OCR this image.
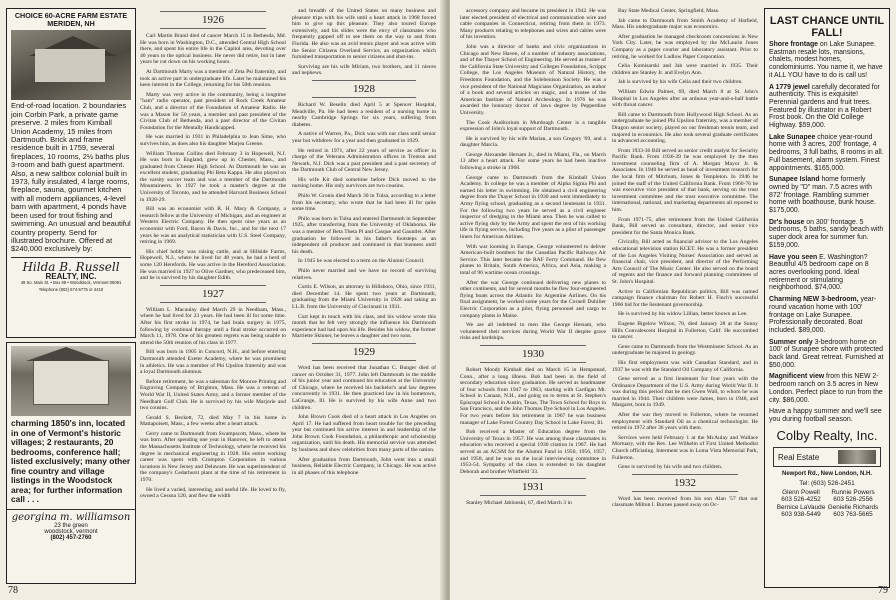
CHOICE 60-ACRE FARM ESTATE MERIDEN, NH
End-of-road location. 2 boundaries join Corbin Park, a private game preserve. 2 miles from Kimball Union Academy, 15 miles from Dartmouth. Brick and frame residence built in 1759, several fireplaces, 10 rooms, 2½ baths plus 3-room and bath guest apartment. Also, a new saltbox colonial built in 1973, fully insulated, 4 large rooms, fireplace, sauna, gourmet kitchen with all modern appliances, 4-level barn with apartment, 4 ponds have been used for trout fishing and swimming. An unusual and beautiful country property. Send for illustrated brochure. Offered at $240,000 exclusively by:
Hilda B. Russell
REALTY, INC.
49 So. Main St. • Box 68 • Woodstock, Vermont 05091
Telephone (802) 674-5775 or 4410
charming 1850's inn, located in one of Vermont's historic villages; 2 restaurants, 20 bedrooms, conference hall; listed exclusively; many other fine country and village listings in the Woodstock area; for further information call . . .
georgina m. williamson
23 the green
woodstock, vermont
(802) 457-2760
1926

Carl Martin Brand died of cancer March 15 in Bethesda, Md. He was born in Washington, D.C., attended Central High School there, and spent his entire life in the Capitol area, devoting over 40 years to the optical business. He never did retire, but in later years he cut down on his working hours.

At Dartmouth Marty was a member of Zeta Psi fraternity, and took an active part in undergraduate life. Later he maintained his keen interest in the College, returning for his 50th reunion.

Marty was very active in the community, being a longtime "ham" radio operator, past president of Rock Creek Amateur Club, and a director of the Foundation of Amateur Radio. He was a Mason for 50 years, a member and past president of the Civitan Club of Bethesda, and a past director of the Civitan Foundation for the Mentally Handicapped.

He was married in 1931 in Philadelphia to Jean Sime, who survives him, as does also his daughter Marjea Greene.

William Thomas Collins died February 3 in Hopewell, N.J. He was born in England, grew up in Chester, Mass., and graduated from Chester High School. At Dartmouth he was an excellent student, graduating Phi Beta Kappa. He also played on the varsity soccer team and was a member of the Dartmouth Mountaineers. In 1927 he took a master's degree at the University of Toronto, and he attended Harvard Business School in 1928-29.

Bill was an economist with R. H. Macy & Company, a research fellow at the University of Michigan, and an engineer at Western Electric Company. He then spent nine years as an economist with Ford, Bacon & Davis, Inc., and for the next 17 years he was an analytical statistician with U.S. Steel Company, retiring in 1969.

His chief hobby was raising cattle, and at Hillside Farms, Hopewell, N.J., where he lived for 48 years, he had a herd of some 120 Herefords. He was active in the Hereford Association. He was married in 1927 to Olive Gardner, who predeceased him, and he is survived by his daughter Edith.

1927

William L. Macaulay died March 29 in Needham, Mass., where he had lived for 23 years. He had been ill for some time. After his first stroke in 1974, he had brain surgery in 1975, following by continual therapy until a final stroke occurred on March 11, 1978. One of his greatest regrets was being unable to attend the 50th reunion of his class in 1977.

Bill was born in 1905 in Concord, N.H., and before entering Dartmouth attended Exeter Academy, where he was prominent in athletics. He was a member of Phi Upsilon fraternity and was a loyal Dartmouth alumnus.

Before retirement, he was a salesman for Monroe Printing and Engraving Company of Brighton, Mass. He was a veteran of World War II, United States Army, and a former member of the Needham Golf Club. He is survived by his wife Marjorie and two cousins.

Gerald S. Beckett, 72, died May 7 in his home in Mattapoisett, Mass., a few weeks after a heart attack.

Gerry came to Dartmouth from Swampscott, Mass., where he was born. After spending one year in Hanover, he left to attend the Massachusetts Institute of Technology, where he received his degree in mechanical engineering in 1928. His entire working career was spent with Crompton Corporation in various locations in New Jersey and Delaware. He was superintendent of the company's Cedarhurst plant at the time of his retirement in 1970.

He lived a varied, interesting, and useful life. He loved to fly, owned a Cessna 120, and flew the width

and breadth of the United States on many business and pleasure trips with his wife until a heart attack in 1968 forced him to give up this pleasure. They also toured Europe extensively, and his slides were the envy of classmates who frequently gapped off to see them on the way to and from Florida. He also was an avid tennis player and was active with the Senior Citizens Overland Service, an organization which furnished transportation to senior citizens and shut-ins.

Surviving are his wife Miriam, two brothers, and 11 nieces and nephews.

1928

Richard W. Beselin died April 5 at Spencer Hospital, Meadville, Pa. He had been a resident of a nursing home in nearby Cambridge Springs for six years, suffering from diabetes.

A native of Warren, Pa., Dick was with our class until senior year but withdrew for a year and then graduated in 1929.

He retired in 1971, after 22 years of service as officer in charge of the Veterans Administration offices in Trenton and Newark, N.J. Dick was a past president and a past secretary of the Dartmouth Club of Central New Jersey.

His wife Kit died sometime before Dick moved to the nursing home. His only survivors are two cousins.

Philo W. Gronis died March 30 in Tulsa, according to a letter from his secretary, who wrote that he had been ill for quite some time.

Philo was born in Tulsa and entered Dartmouth in September 1925, after transferring from the University of Oklahoma. He was a member of Beta Theta Pi and Casque and Gauntlet. After graduation he followed in his father's footsteps as an independent oil producer and continued in that business until his death.

In 1945 he was elected to a term on the Alumni Council.

Philo never married and we have no record of surviving relatives.

Curtis E. Wilson, an attorney in Hillsboro, Ohio, since 1931, died December 14. He spent two years at Dartmouth, graduating from the Miami University in 1928 and taking an LL.B. from the University of Cincinnati in 1931.

Curt kept in touch with his class, and his widow wrote this month that he felt very strongly the influence his Dartmouth experience had had upon his life. Besides his widow, the former Marriette Skinner, he leaves a daughter and two sons.

1929

Word has been received that Jonathan C. Bunger died of cancer on October 31, 1977. John left Dartmouth in the middle of his junior year and continued his education at the University of Chicago, where he received his bachelor's and law degrees concurrently in 1931. He then practiced law in his hometown, LaGrange, Ill. He is survived by his wife Anne and two children.

John Brown Cook died of a heart attack in Los Angeles on April 17. He had suffered from heart trouble for the preceding year but continued his active interest in and leadership of the John Brown Cook Foundation, a philanthropic and scholarship organization, until his death. His memorial service was attended by business and show celebrities from many parts of the nation.

After graduation from Dartmouth, John went into a small business, Reliable Electric Company, in Chicago. He was active in all phases of this telephone

78

accessory company and became its president in 1942. He was later elected president of electrical and communication wire and cable companies in Connecticut, retiring from them in 1973. Many products relating to telephones and wires and cables were of his invention.

John was a director of banks and civic organizations in Chicago and New Haven, of a number of industry associations, and of the Thayer School of Engineering. He served as trustee of the California State University and Colleges Foundation, Scripps College, the Los Angeles Museum of Natural History, the Freedoms Foundation, and the Solebenison Society. He was a vice president of the National Magicians Organization, an author of a book and several articles on magic, and a trustee of the American Institute of Natural Archeology. In 1976 he was awarded the honorary doctor of laws degree by Pepperdine University.

The Cook Auditorium in Murdough Center is a tangible expression of John's loyal support of Dartmouth.

He is survived by his wife Marian, a son Gregory '69, and a daughter Marcia.

George Alexander Hersam Jr., died in Miami, Fla., on March 13 after a heart attack. For some years he had been inactive following a stroke in 1968.

George came to Dartmouth from the Kimball Union Academy. In college he was a member of Alpha Sigma Phi and earned his letter in swimming. He obtained a civil engineering degree from the Thayer School in 1930 and went immediately to Army flying school, graduating as a second lieutenant in 1931. For the following two years he served as a civil engineer inspector of dredging in the Miami area. Then he was called to active flying duty by the Army and spent the rest of his working life in flying service, including five years as a pilot of passenger liners for American Airlines.

With war looming in Europe, George volunteered to deliver American-built bombers for the Canadian Pacific Railways Air Service. This later became the RAF Ferry Command. He flew planes to Britain, South America, Africa, and Asia, making a total of 96 wartime ocean crossings.

After the war George continued delivering new planes to other continents, and for several months he flew four-engineered flying boats across the Atlantic for Argentine Airlines. On his final assignment, he worked some years for the Cornell Duhilier Electric Corporation as a pilot, flying personnel and cargo to company plants in Maine.

We are all indebted to men like George Hersam, who volunteered their services during World War II despite grave risks and hardships.

1930

Robert Moody Kimball died on March 15 in Hempstead, Conn., after a long illness. Bob had been in the field of secondary education since graduation. He served as headmaster of four schools from 1947 to 1963, starting with Cardigan Mt. School in Canaan, N.H., and going on to terms at St. Stephen's Episcopal School in Austin, Texas, The Town School for Boys in San Francisco, and the John Thomas Dye School in Los Angeles. For two years before his retirement in 1967 he was business manager of Lake Forest Country Day School in Lake Forest, Ill.

Bob received a Master of Education degree from the University of Texas in 1957. He was among those classmates in education who received a special 1930 citation in 1967. He had served as an ACSM for the Alumni Fund in 1950, 1956, 1957, and 1958, and he was on the local interviewing committee in 1953-54. Sympathy of the class is extended to his daughter Deborah and brother Whitfield '33.

1931

Stanley Michael Jablonski, 67, died March 3 in

Bay State Medical Center, Springfield, Mass.

Jab came to Dartmouth from Smith Academy of Hatfield, Mass. His undergraduate major was economics.

After graduation he managed checkroom concessions in New York City. Later, he was employed by the McLaurin Jones Company as a paper courier and laboratory assistant. Prior to retiring, he worked for Ludlow Paper Corporation.

Celia Komisarski and Jab were married in 1935. Their children are Stanley Jr. and Evelyn Ann.

Jab is survived by his wife Celia and their two children.

William Edwin Palmer, 69, died March 8 at St. John's Hospital in Los Angeles after an arduous year-and-a-half battle with throat cancer.

Bill came to Dartmouth from Hollywood High School. As an undergraduate he joined Phi Upsilon fraternity, was a member of Dragon senior society, played on our freshman tennis team, and majored in economics. He also took several graduate certificates in advanced accounting.

From 1933-36 Bill served as senior credit analyst for Security Pacific Bank. From 1936-39 he was employed by the then investment counseling firm of A. Morgan Mayor Jr. & Associates. In 1940 he served as head of investment research for the local firm of Mitchum, Jones & Templeton. In 1946 he joined the staff of the United California Bank. From 1960-76 he was executive vice president of that bank, serving on the trust investment committee and the trust executive committee. The international, national, and marketing departments all reported to him.

From 1971-75, after retirement from the United California Bank, Bill served as consultant, director, and senior vice president for the Santa Monica Bank.

Civically, Bill acted as financial advisor to the Los Angeles educational television station KCET. He was a former president of the Los Angeles Visiting Nurses' Association and served as financial chair, vice president, and director of the Performing Arts Council of The Music Center. He also served on the board of regents and the finance and forward planning committees of St. John's Hospital.

Active in Californian Republican politics, Bill was named campaign finance chairman for Robert H. Finch's successful 1966 bid for the lieutenant governorship.

He is survived by his widow Lillian, better known as Lee.

Eugene Bigelow Wilson, 70, died January 28 at the Sunny Hills Convalescent Hospital in Fullerton, Calif. He succumbed to cancer.

Gene came to Dartmouth from the Westminster School. As an undergraduate he majored in geology.

His first employment was with Canadian Standard, and in 1937 he was with the Standard Oil Company of California.

Gene served as a first lieutenant for four years with the Ordinance Department of the U.S. Army during World War II. It was during this period that he met Gwen Wall, to whom he was married in 1944. Their children were James, born in 1948, and Margaret, born in 1949.

After the war they moved to Fullerton, where he resumed employment with Standard Oil as a chemical technologist. He retired in 1972 after 36 years with them.

Services were held February 1 at the McAulay and Wallace Mortuary, with the Rev. Lee Wilhelm of First United Methodist Church officiating. Interment was in Loma Vista Memorial Park, Fullerton.

Gene is survived by his wife and two children.

1932

Word has been received from his son Alan '57 that our classmate Milton I. Burnes passed away on Oc-

LAST CHANCE UNTIL FALL!

Shore frontage on Lake Sunapee. Eastman resale lots, mansions, chalets, modest homes, condominiums. You name it, we have it ALL YOU have to do is call us!

A 1779 jewel carefully decorated for authenticity. This is exquisite! Perennial gardens and fruit trees. Featured by illustrator in a Robert Frost book. On the Old College Highway. $59,000.

Lake Sunapee choice year-round home with 3 acres, 200' frontage, 4 bedrooms, 3 full baths, 8 rooms in all. Full basement, alarm system. Finest appointments. $165,000.

Sunapee Island home formerly owned by "D" man. 7.5 acres with 872' frontage. Rambling summer home with boathouse, bunk house. $175,000.

Dr's house on 300' frontage. 5 bedrooms, 5 baths, sandy beach with super dock area for summer fun. $159,000.

Have you seen E. Washington? Beautiful 4/5 bedroom cape on 8 acres overlooking pond. Ideal retirement or stimulating neighborhood. $74,000.

Charming NEW 3-bedroom, year-round vacation home with 100' frontage on Lake Sunapee. Professionally decorated. Boat included. $89,000.

Summer only 3-bedroom home on 100' of Sunapee shore with protected back land. Great retreat. Furnished at $50,000.

Magnificent view from this NEW 2-bedroom ranch on 3.5 acres in New London. Perfect place to run from the city. $86,000.

Have a happy summer and we'll see you during football season.
Colby Realty, Inc.
Real Estate
Newport Rd., New London, N.H.
Tel: (603) 526-2451
Glenn Powell
603 526-4252
Runnie Powers
603 526-2556
Bernice LaVaude
603 938-5449
Genielle Richards
603 763-5665
79
